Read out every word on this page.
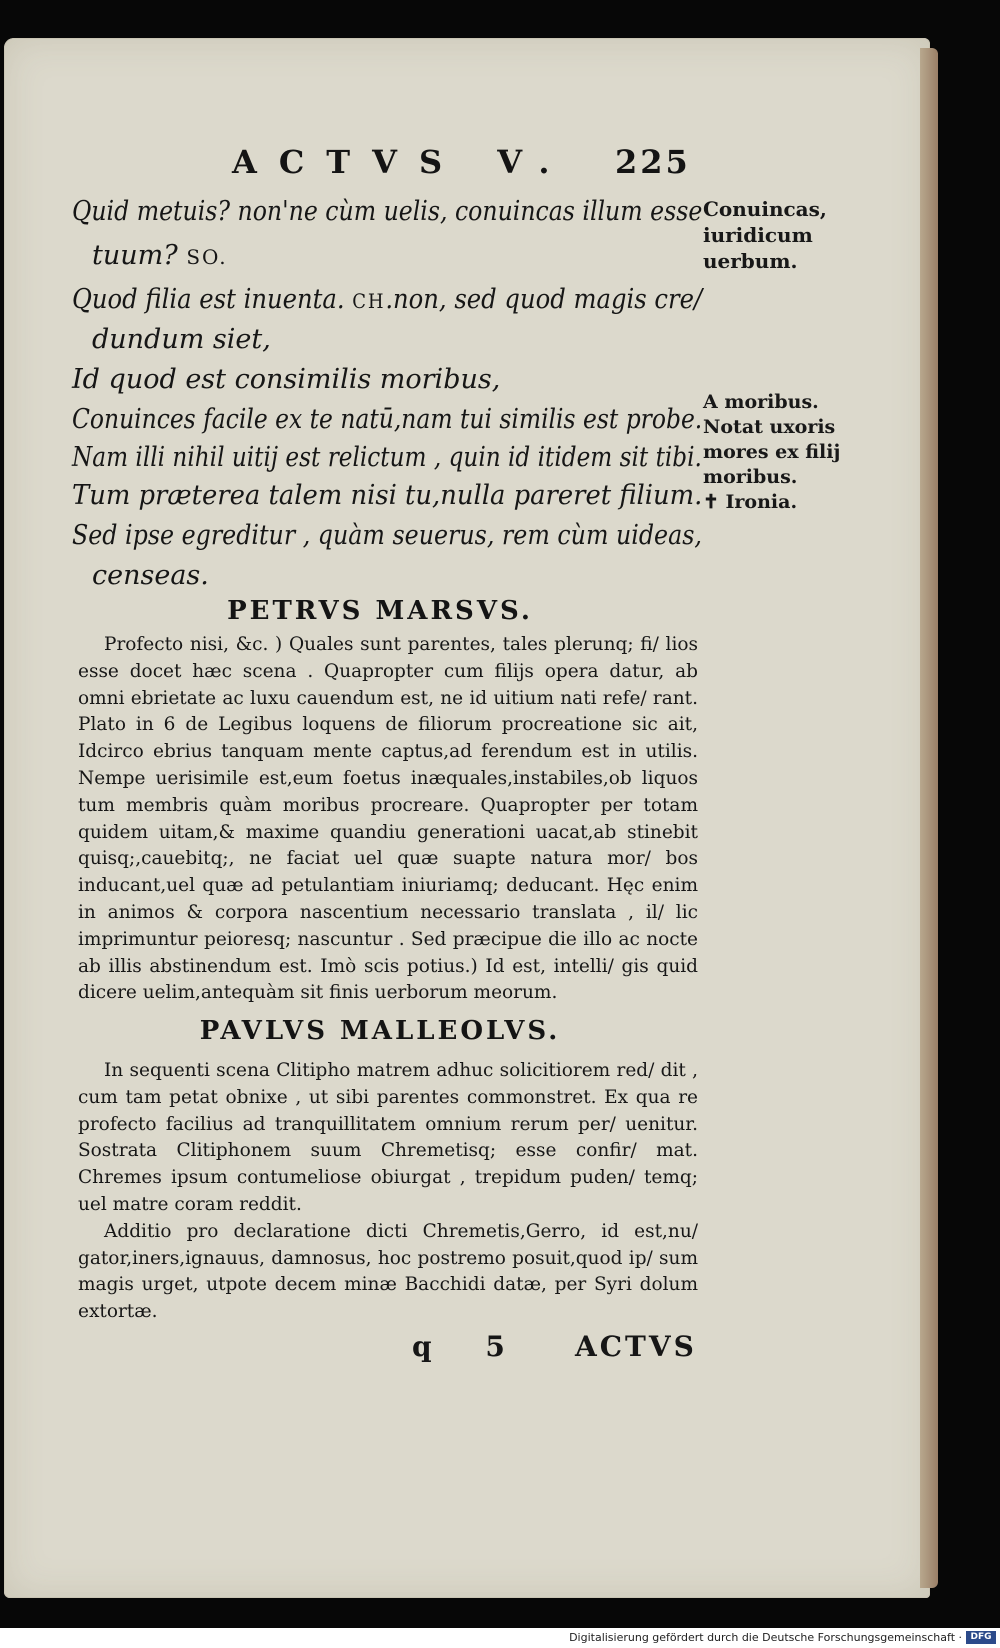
ACTVS V. 225
Quid metuis? non'ne cùm uelis, conuincas illum esse
tuum? SO.
Quod filia est inuenta. CH.non, sed quod magis cre/
dundum siet,
Id quod est consimilis moribus,
Conuinces facile ex te natū,nam tui similis est probe.
Nam illi nihil uitij est relictum , quin id itidem sit tibi.
Tum præterea talem nisi tu,nulla pareret filium.
Sed ipse egreditur , quàm seuerus, rem cùm uideas,
censeas.
Conuincas,
iuridicum
uerbum.
A moribus.
Notat uxoris
mores ex filij
moribus.
✝ Ironia.
PETRVS MARSVS.

Profecto nisi, &c. ) Quales sunt parentes, tales plerunq; fi/ lios esse docet hæc scena . Quapropter cum filijs opera datur, ab omni ebrietate ac luxu cauendum est, ne id uitium nati refe/ rant. Plato in 6 de Legibus loquens de filiorum procreatione sic ait, Idcirco ebrius tanquam mente captus,ad ferendum est in utilis. Nempe uerisimile est,eum foetus inæquales,instabiles,ob liquos tum membris quàm moribus procreare. Quapropter per totam quidem uitam,& maxime quandiu generationi uacat,ab stinebit quisq;,cauebitq;, ne faciat uel quæ suapte natura mor/ bos inducant,uel quæ ad petulantiam iniuriamq; deducant. Hęc enim in animos & corpora nascentium necessario translata , il/ lic imprimuntur peioresq; nascuntur . Sed præcipue die illo ac nocte ab illis abstinendum est. Imò scis potius.) Id est, intelli/ gis quid dicere uelim,antequàm sit finis uerborum meorum.

PAVLVS MALLEOLVS.

In sequenti scena Clitipho matrem adhuc solicitiorem red/ dit , cum tam petat obnixe , ut sibi parentes commonstret. Ex qua re profecto facilius ad tranquillitatem omnium rerum per/ uenitur. Sostrata Clitiphonem suum Chremetisq; esse confir/ mat. Chremes ipsum contumeliose obiurgat , trepidum puden/ temq; uel matre coram reddit.

Additio pro declaratione dicti Chremetis,Gerro, id est,nu/ gator,iners,ignauus, damnosus, hoc postremo posuit,quod ip/ sum magis urget, utpote decem minæ Bacchidi datæ, per Syri dolum extortæ.

q 5 ACTVS
Digitalisierung gefördert durch die Deutsche Forschungsgemeinschaft · DFG
